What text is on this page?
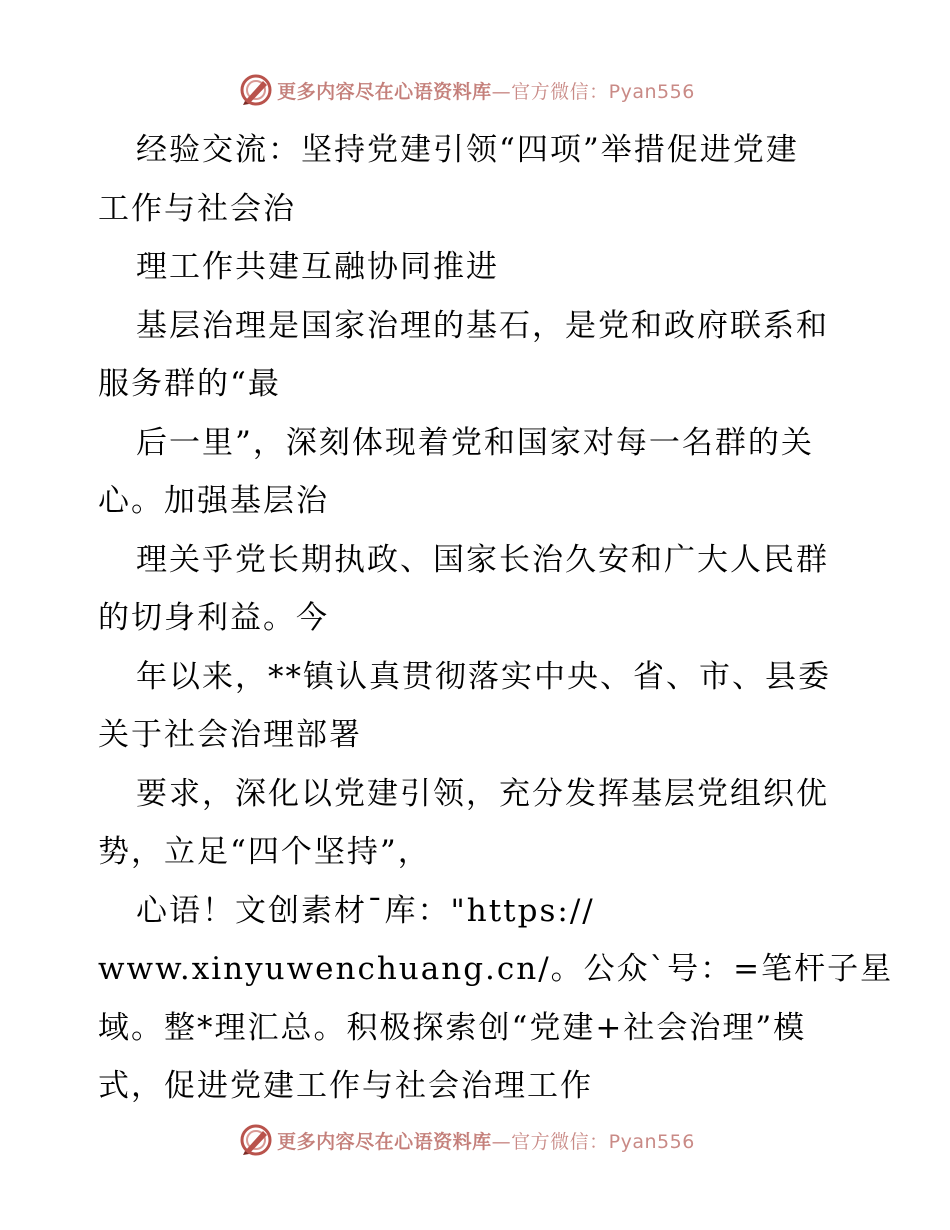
更多内容尽在心语资料库—官方微信：Pyan556
经验交流：坚持党建引领“四项”举措促进党建
工作与社会治
理工作共建互融协同推进
基层治理是国家治理的基石，是党和政府联系和
服务群的“最
后一里”，深刻体现着党和国家对每一名群的关
心。加强基层治
理关乎党长期执政、国家长治久安和广大人民群
的切身利益。今
年以来，**镇认真贯彻落实中央、省、市、县委
关于社会治理部署
要求，深化以党建引领，充分发挥基层党组织优
势，立足“四个坚持”，
心语！文创素材¯库："https://
www.xinyuwenchuang.cn/。公众`号：=笔杆子星
域。整*理汇总。积极探索创“党建+社会治理”模
式，促进党建工作与社会治理工作
更多内容尽在心语资料库—官方微信：Pyan556
